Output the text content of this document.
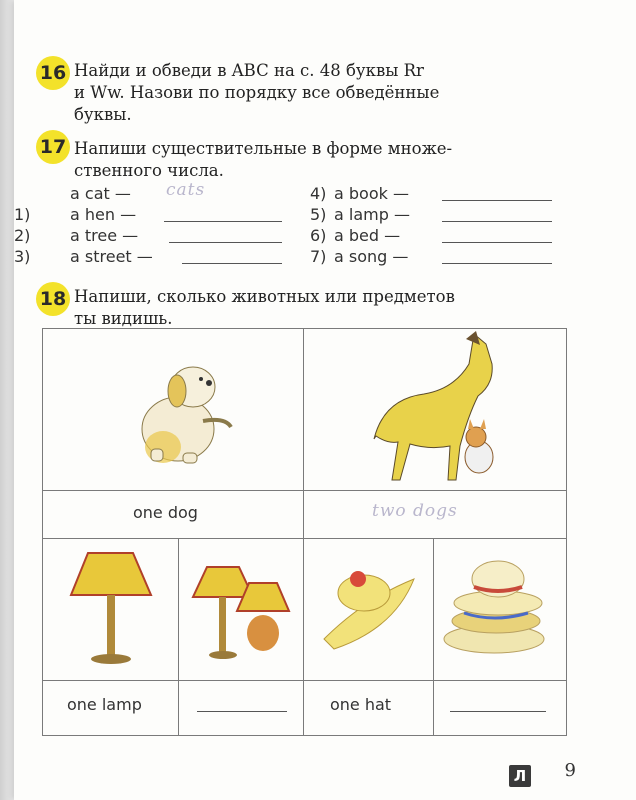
16 Найди и обведи в ABC на с. 48 буквы Rr
и Ww. Назови по порядку все обведённые
буквы.
17 Напиши существительные в форме множе-
ственного числа.
a cat — cats
1) a hen —
2) a tree —
3) a street —
4) a book —
5) a lamp —
6) a bed —
7) a song —
18 Напиши, сколько животных или предметов
ты видишь.
one dog	two dogs
one lamp	one hat
Л 9
